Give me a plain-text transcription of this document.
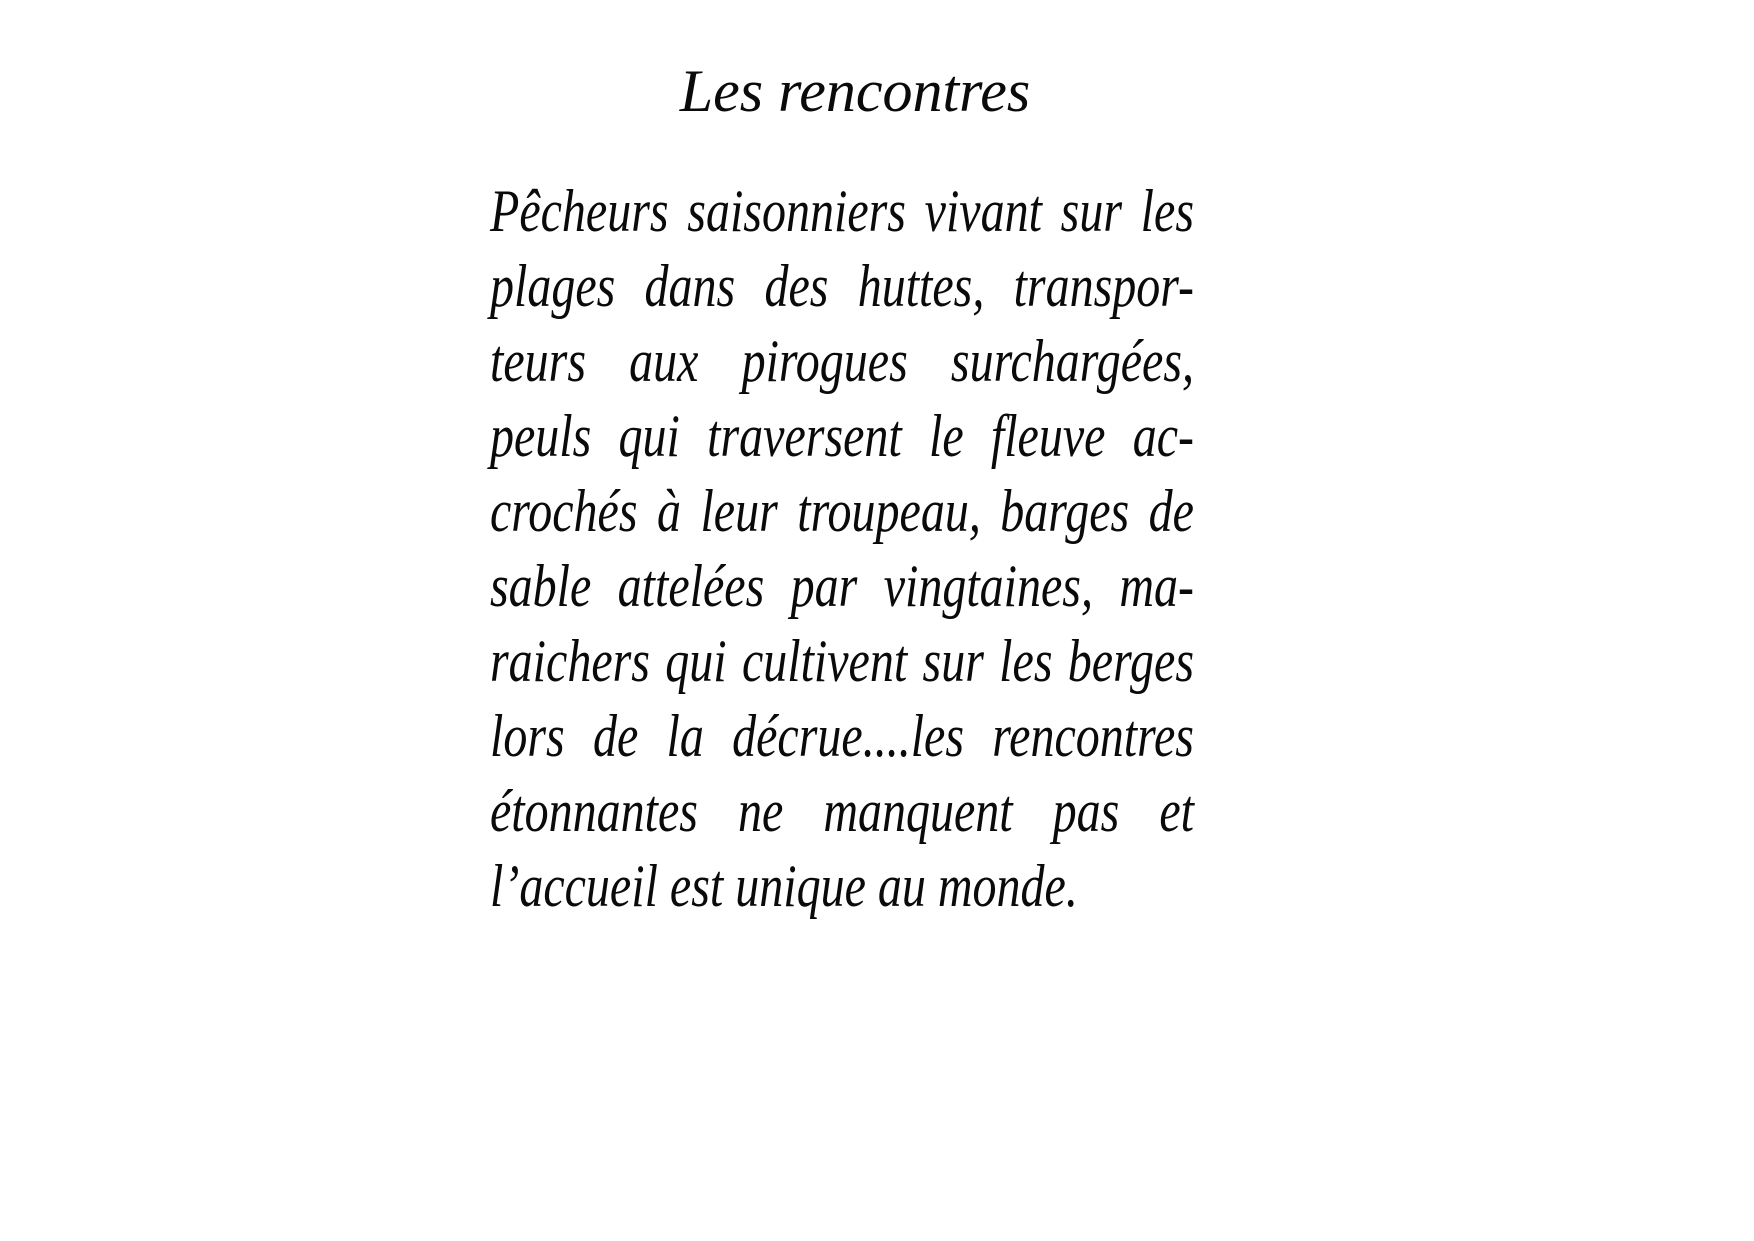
Les rencontres
Pêcheurs saisonniers vivant sur les
plages dans des huttes, transpor-
teurs aux pirogues surchargées,
peuls qui traversent le fleuve ac-
crochés à leur troupeau, barges de
sable attelées par vingtaines, ma-
raichers qui cultivent sur les berges
lors de la décrue....les rencontres
étonnantes ne manquent pas et
l’accueil est unique au monde.
